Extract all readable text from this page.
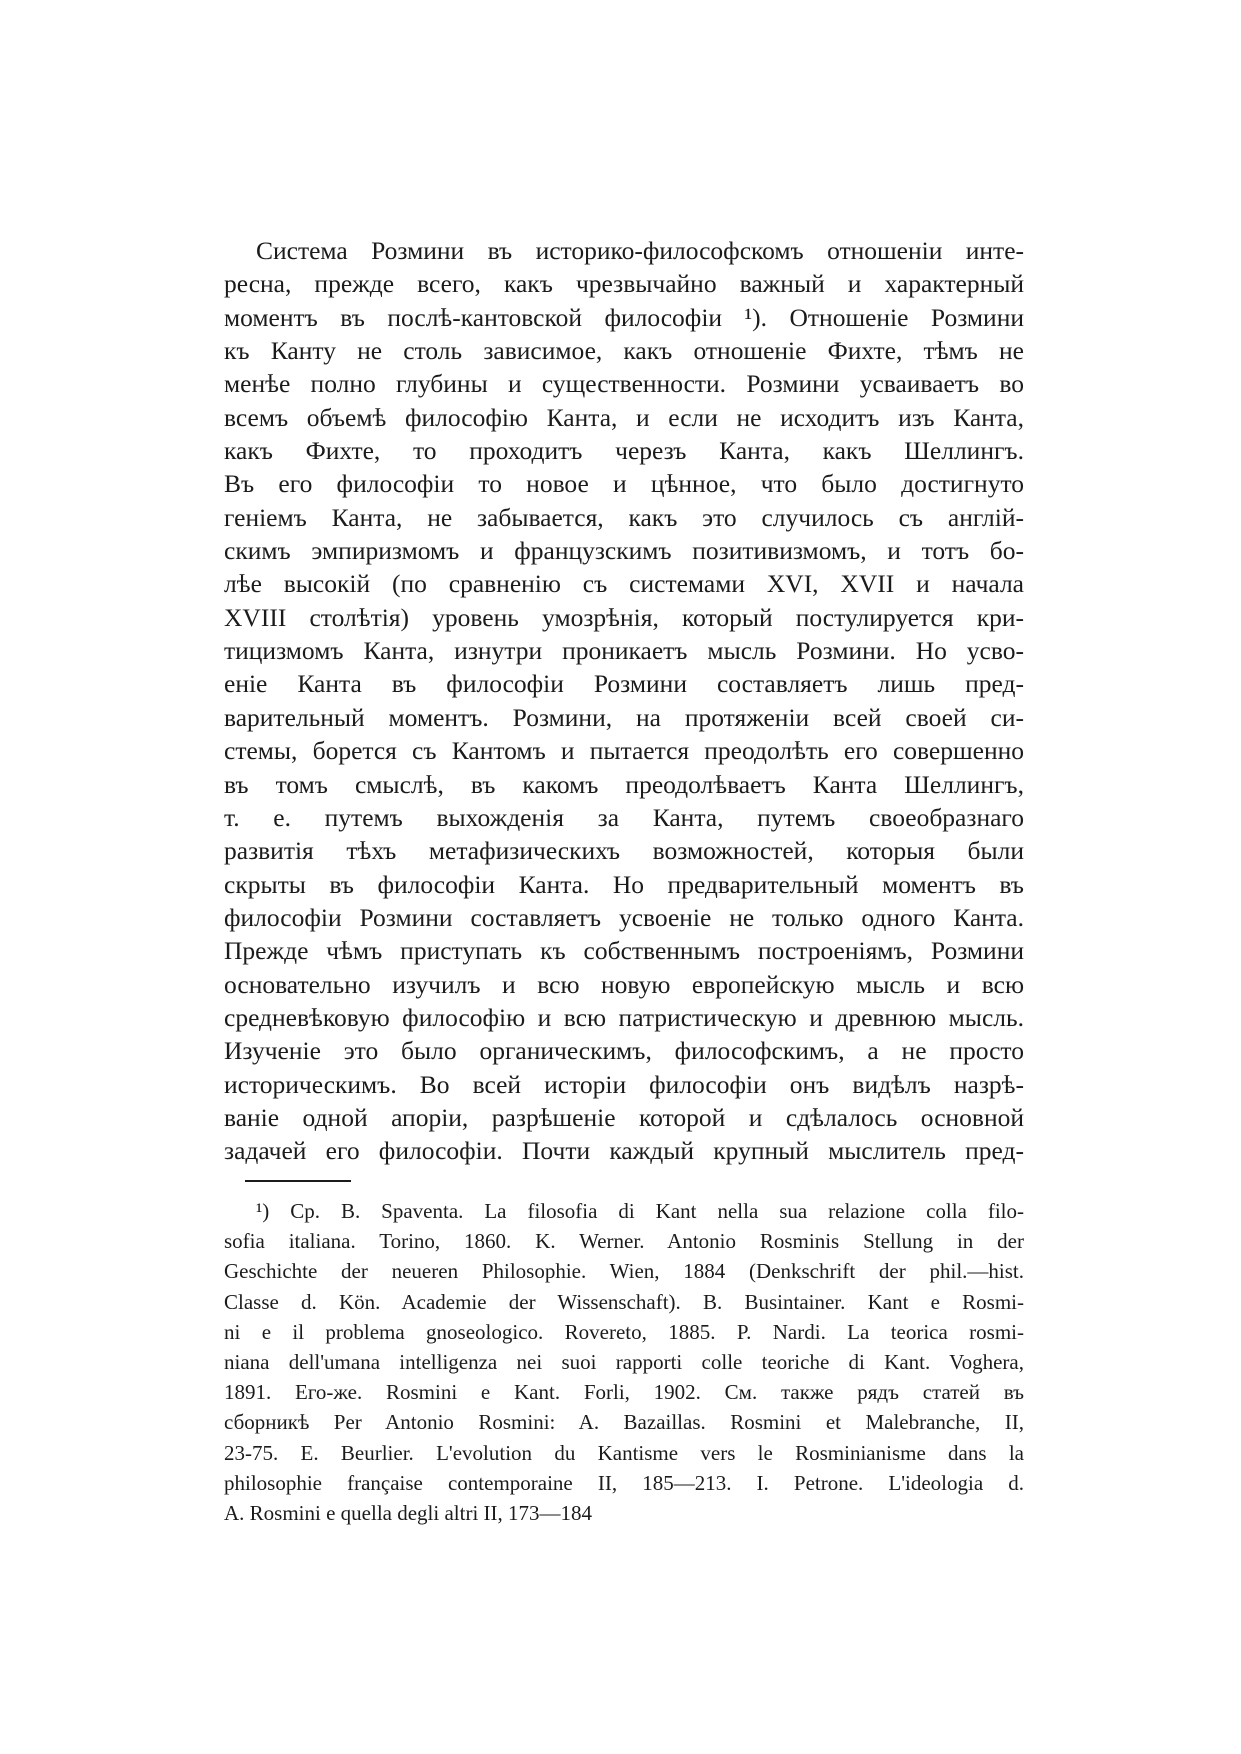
Система Розмини въ историко-философскомъ отношеніи инте-
ресна, прежде всего, какъ чрезвычайно важный и характерный
моментъ въ послѣ-кантовской философіи ¹). Отношеніе Розмини
къ Канту не столь зависимое, какъ отношеніе Фихте, тѣмъ не
менѣе полно глубины и существенности. Розмини усваиваетъ во
всемъ объемѣ философію Канта, и если не исходитъ изъ Канта,
какъ Фихте, то проходитъ черезъ Канта, какъ Шеллингъ.
Въ его философіи то новое и цѣнное, что было достигнуто
геніемъ Канта, не забывается, какъ это случилось съ англій-
скимъ эмпиризмомъ и французскимъ позитивизмомъ, и тотъ бо-
лѣе высокій (по сравненію съ системами XVI, XVII и начала
XVIII столѣтія) уровень умозрѣнія, который постулируется кри-
тицизмомъ Канта, изнутри проникаетъ мысль Розмини. Но усво-
еніе Канта въ философіи Розмини составляетъ лишь пред-
варительный моментъ. Розмини, на протяженіи всей своей си-
стемы, борется съ Кантомъ и пытается преодолѣть его совершенно
въ томъ смыслѣ, въ какомъ преодолѣваетъ Канта Шеллингъ,
т. е. путемъ выхожденія за Канта, путемъ своеобразнаго
развитія тѣхъ метафизическихъ возможностей, которыя были
скрыты въ философіи Канта. Но предварительный моментъ въ
философіи Розмини составляетъ усвоеніе не только одного Канта.
Прежде чѣмъ приступать къ собственнымъ построеніямъ, Розмини
основательно изучилъ и всю новую европейскую мысль и всю
средневѣковую философію и всю патристическую и древнюю мысль.
Изученіе это было органическимъ, философскимъ, а не просто
историческимъ. Во всей исторіи философіи онъ видѣлъ назрѣ-
ваніе одной апоріи, разрѣшеніе которой и сдѣлалось основной
задачей его философіи. Почти каждый крупный мыслитель пред-
¹) Cp. B. Spaventa. La filosofia di Kant nella sua relazione colla filo-
sofia italiana. Torino, 1860. K. Werner. Antonio Rosminis Stellung in der
Geschichte der neueren Philosophie. Wien, 1884 (Denkschrift der phil.—hist.
Classe d. Kön. Academie der Wissenschaft). B. Busintainer. Kant e Rosmi-
ni e il problema gnoseologico. Rovereto, 1885. P. Nardi. La teorica rosmi-
niana dell'umana intelligenza nei suoi rapporti colle teoriche di Kant. Voghera,
1891. Его-же. Rosmini e Kant. Forli, 1902. См. также рядъ статей въ
сборникѣ Per Antonio Rosmini: A. Bazaillas. Rosmini et Malebranche, II,
23-75. E. Beurlier. L'evolution du Kantisme vers le Rosminianisme dans la
philosophie française contemporaine II, 185—213. I. Petrone. L'ideologia d.
A. Rosmini e quella degli altri II, 173—184
